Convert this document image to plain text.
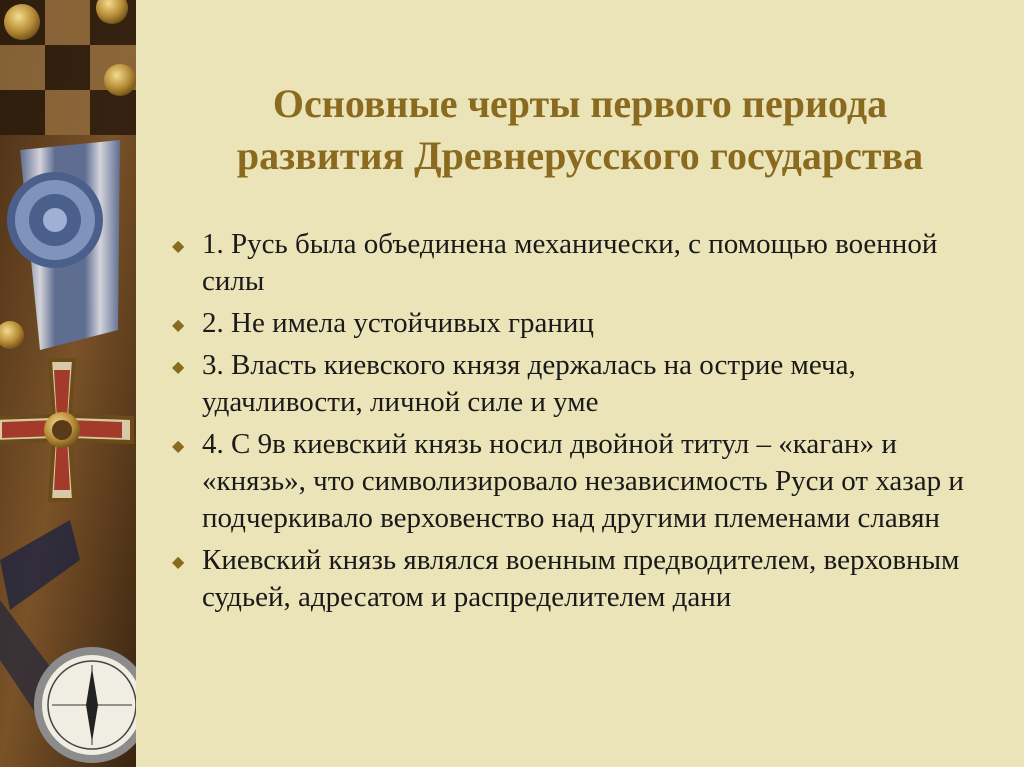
Основные черты первого периода
развития Древнерусского государства
◆ 1. Русь была объединена механически, с помощью военной силы
◆ 2. Не имела устойчивых границ
◆ 3. Власть киевского князя держалась на острие меча, удачливости, личной силе и уме
◆ 4. С 9в киевский князь носил двойной титул – «каган» и «князь», что символизировало независимость Руси от хазар и подчеркивало верховенство над другими племенами славян
◆ Киевский князь являлся военным предводителем, верховным судьей, адресатом и распределителем дани
